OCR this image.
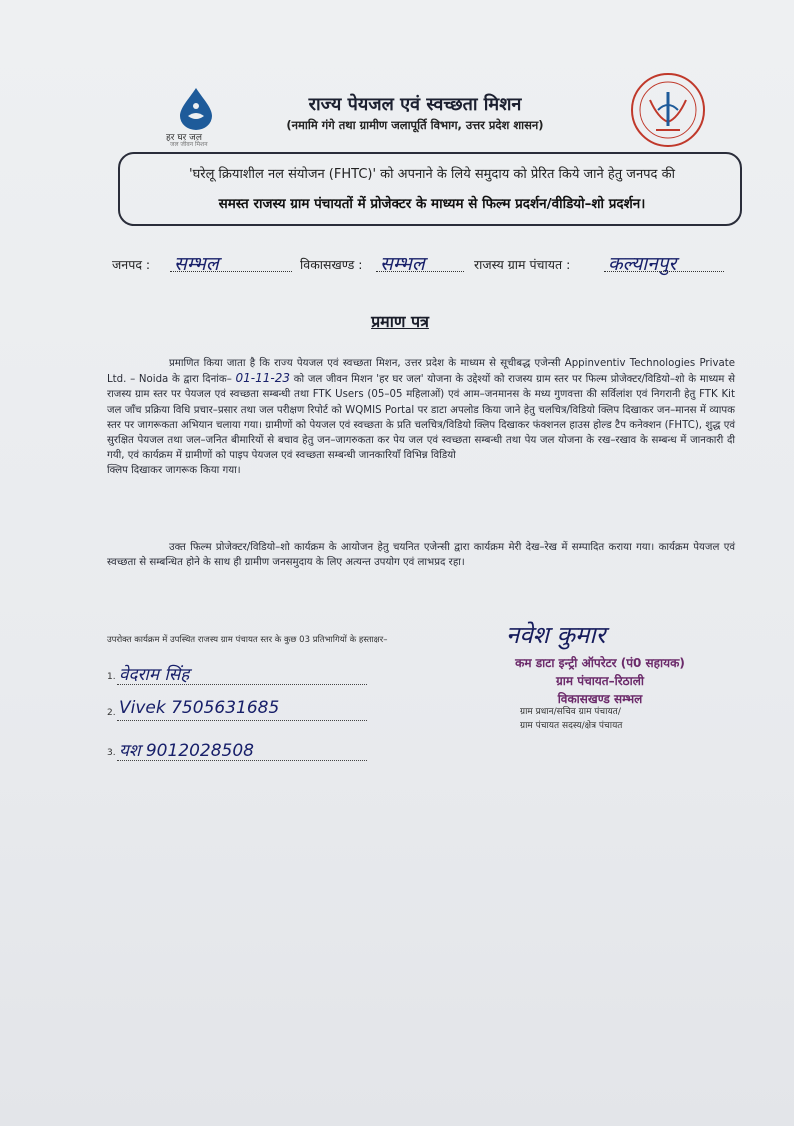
हर घर जल
जल जीवन मिशन
राज्य पेयजल एवं स्वच्छता मिशन
(नमामि गंगे तथा ग्रामीण जलापूर्ति विभाग, उत्तर प्रदेश शासन)
'घरेलू क्रियाशील नल संयोजन (FHTC)' को अपनाने के लिये समुदाय को प्रेरित किये जाने हेतु जनपद की
समस्त राजस्य ग्राम पंचायतों में प्रोजेक्टर के माध्यम से फिल्म प्रदर्शन/वीडियो–शो प्रदर्शन।
जनपद : सम्भल	विकासखण्ड : सम्भल	राजस्य ग्राम पंचायत : कल्यानपुर
प्रमाण पत्र
प्रमाणित किया जाता है कि राज्य पेयजल एवं स्वच्छता मिशन, उत्तर प्रदेश के माध्यम से सूचीबद्ध एजेन्सी Appinventiv Technologies Private Ltd. – Noida के द्वारा दिनांक– 01-11-23 को जल जीवन मिशन 'हर घर जल' योजना के उद्देश्यों को राजस्य ग्राम स्तर पर फिल्म प्रोजेक्टर/विडियो–शो के माध्यम से राजस्य ग्राम स्तर पर पेयजल एवं स्वच्छता सम्बन्धी तथा FTK Users (05–05 महिलाओं) एवं आम–जनमानस के मध्य गुणवत्ता की सर्विलांश एवं निगरानी हेतु FTK Kit जल जाँच प्रक्रिया विधि प्रचार–प्रसार तथा जल परीक्षण रिपोर्ट को WQMIS Portal पर डाटा अपलोड किया जाने हेतु चलचित्र/विडियो क्लिप दिखाकर जन–मानस में व्यापक स्तर पर जागरूकता अभियान चलाया गया। ग्रामीणों को पेयजल एवं स्वच्छता के प्रति चलचित्र/विडियो क्लिप दिखाकर फंक्शनल हाउस होल्ड टैप कनेक्शन (FHTC), शुद्ध एवं सुरक्षित पेयजल तथा जल–जनित बीमारियों से बचाव हेतु जन–जागरुकता कर पेय जल एवं स्वच्छता सम्बन्धी तथा पेय जल योजना के रख–रखाव के सम्बन्ध में जानकारी दी गयी, एवं कार्यक्रम में ग्रामीणों को पाइप पेयजल एवं स्वच्छता सम्बन्धी जानकारियाँ विभिन्न विडियो
क्लिप दिखाकर जागरूक किया गया।
उक्त फिल्म प्रोजेक्टर/विडियो–शो कार्यक्रम के आयोजन हेतु चयनित एजेन्सी द्वारा कार्यक्रम मेरी देख–रेख में सम्पादित कराया गया। कार्यक्रम पेयजल एवं स्वच्छता से सम्बन्धित होने के साथ ही ग्रामीण जनसमुदाय के लिए अत्यन्त उपयोग एवं लाभप्रद रहा।
उपरोक्त कार्यक्रम में उपस्थित राजस्य ग्राम पंचायत स्तर के कुछ 03 प्रतिभागियों के हस्ताक्षर–
1. वेदराम सिंह
2. Vivek 7505631685
3. यश 9012028508
नवेश कुमार
कम डाटा इन्ट्री ऑपरेटर (पं0 सहायक)
ग्राम पंचायत–रिठाली
विकासखण्ड सम्भल
ग्राम प्रधान/सचिव ग्राम पंचायत/
ग्राम पंचायत सदस्य/क्षेत्र पंचायत
